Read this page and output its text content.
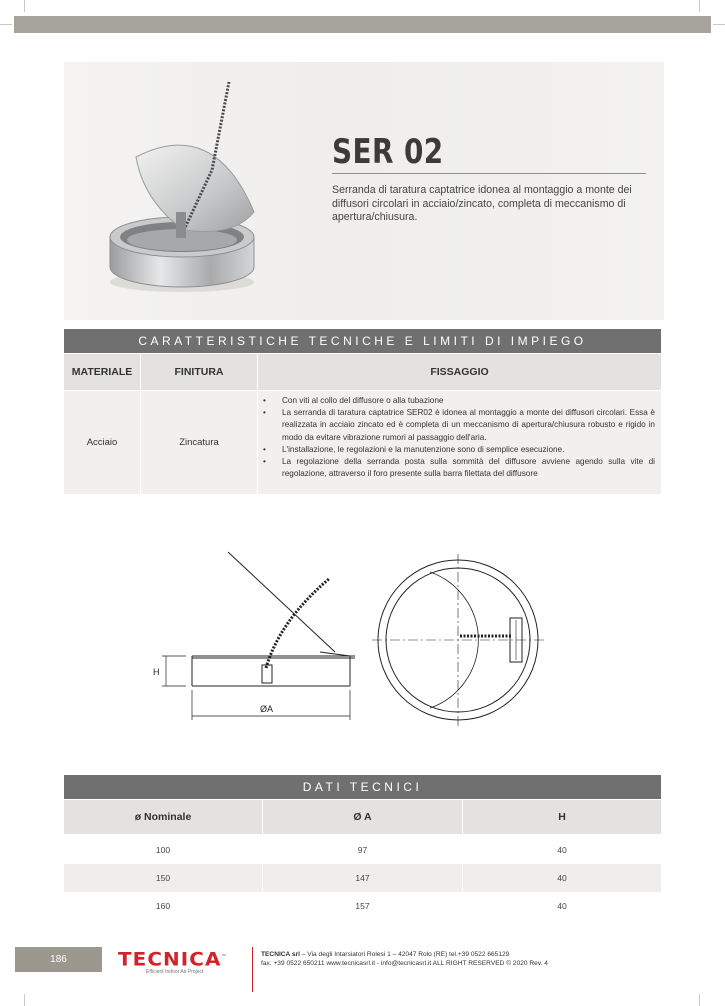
SER 02

Serranda di taratura captatrice idonea al montaggio a monte dei diffusori circolari in acciaio/zincato, completa di meccanismo di apertura/chiusura.

CARATTERISTICHE TECNICHE E LIMITI DI IMPIEGO
MATERIALE	FINITURA	FISSAGGIO
Acciaio	Zincatura
• Con viti al collo del diffusore o alla tubazione
• La serranda di taratura captatrice SER02 è idonea al montaggio a monte dei diffusori circolari. Essa è realizzata in acciaio zincato ed è completa di un meccanismo di apertura/chiusura robusto e rigido in modo da evitare vibrazione rumori al passaggio dell'aria.
• L'installazione, le regolazioni e la manutenzione sono di semplice esecuzione.
• La regolazione della serranda posta sulla sommità del diffusore avviene agendo sulla vite di regolazione, attraverso il foro presente sulla barra filettata del diffusore
H
ØA
DATI TECNICI
ø Nominale	Ø A	H
100	97	40
150	147	40
160	157	40
186	TECNICA™
Efficient Indoor Air Project
TECNICA srl – Via degli Intarsiatori Rolesi 1 – 42047 Rolo (RE) tel.+39 0522 665129
fax. +39 0522 650211 www.tecnicasrl.it - info@tecnicasrl.it ALL RIGHT RESERVED © 2020 Rev. 4
